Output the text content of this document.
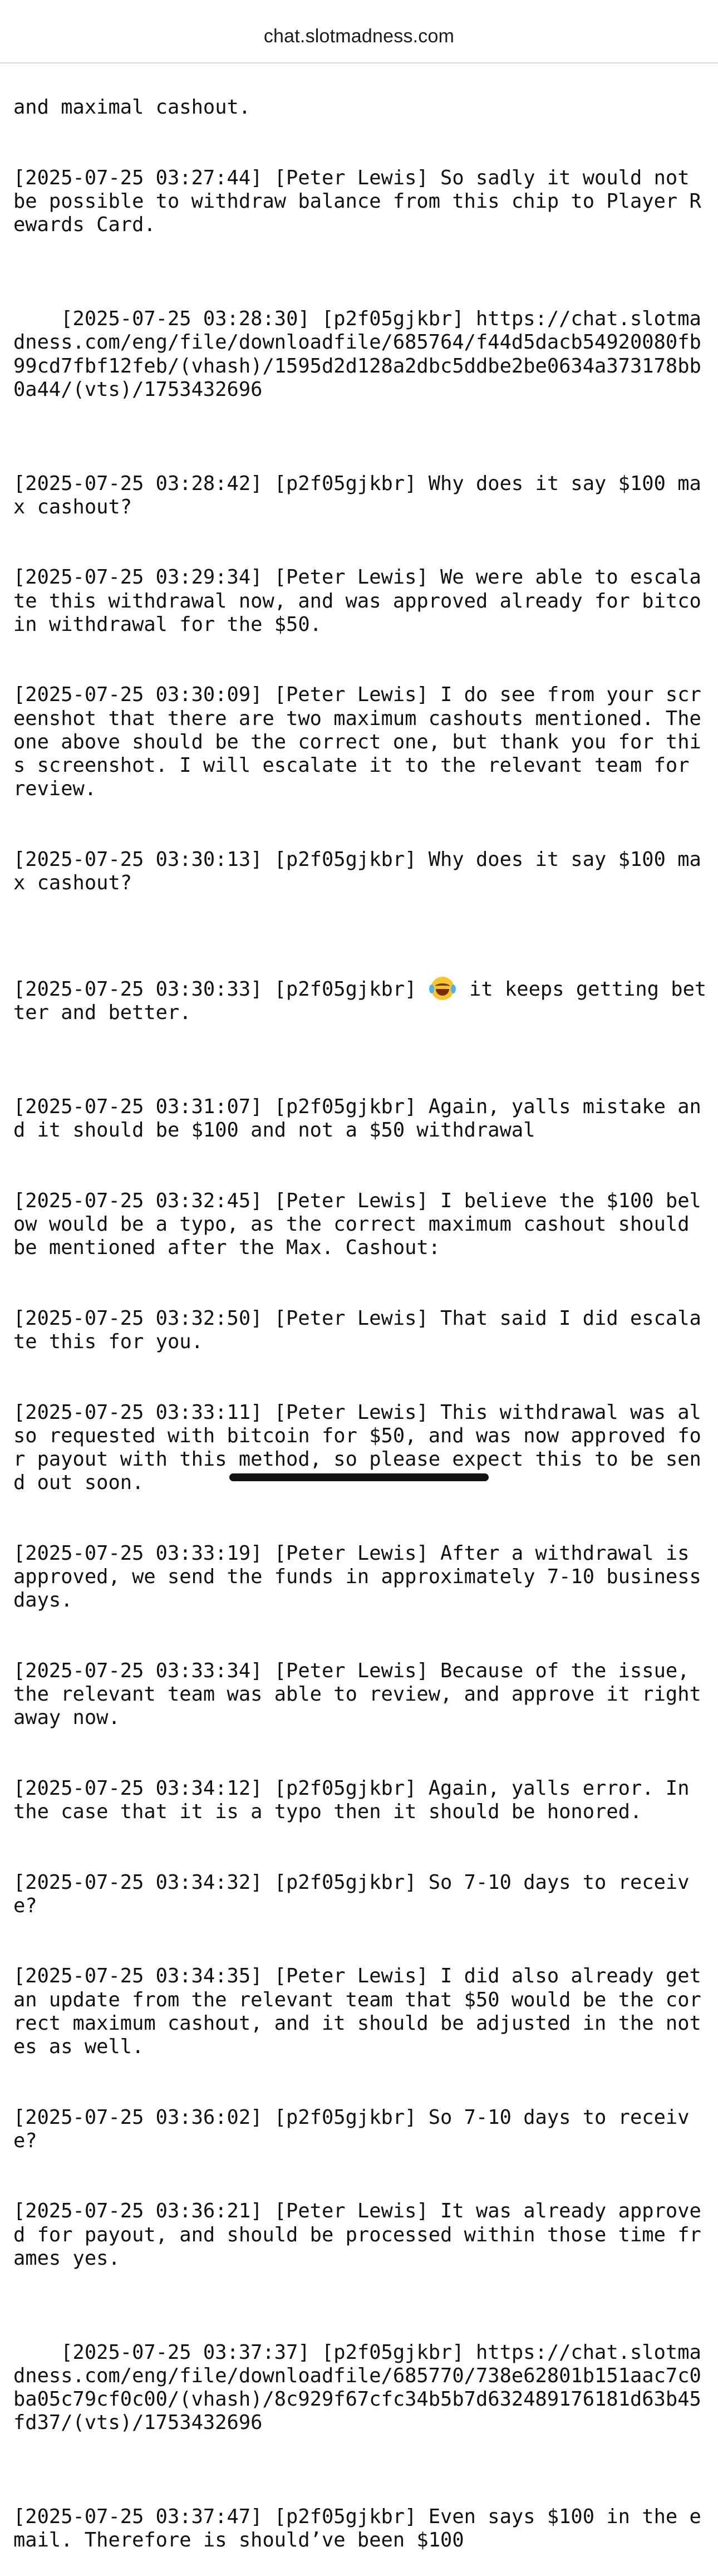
chat.slotmadness.com

and maximal cashout.

[2025-07-25 03:27:44] [Peter Lewis] So sadly it would not be possible to withdraw balance from this chip to Player Rewards Card.

[2025-07-25 03:28:30] [p2f05gjkbr] https://chat.slotmadness.com/eng/file/downloadfile/685764/f44d5dacb54920080fb99cd7fbf12feb/(vhash)/1595d2d128a2dbc5ddbe2be0634a373178bb0a44/(vts)/1753432696

[2025-07-25 03:28:42] [p2f05gjkbr] Why does it say $100 max cashout?

[2025-07-25 03:29:34] [Peter Lewis] We were able to escalate this withdrawal now, and was approved already for bitcoin withdrawal for the $50.

[2025-07-25 03:30:09] [Peter Lewis] I do see from your screenshot that there are two maximum cashouts mentioned. The one above should be the correct one, but thank you for this screenshot. I will escalate it to the relevant team for review.

[2025-07-25 03:30:13] [p2f05gjkbr] Why does it say $100 max cashout?

[2025-07-25 03:30:33] [p2f05gjkbr]
it keeps getting better and better.

[2025-07-25 03:31:07] [p2f05gjkbr] Again, yalls mistake and it should be $100 and not a $50 withdrawal

[2025-07-25 03:32:45] [Peter Lewis] I believe the $100 below would be a typo, as the correct maximum cashout should be mentioned after the Max. Cashout:

[2025-07-25 03:32:50] [Peter Lewis] That said I did escalate this for you.

[2025-07-25 03:33:11] [Peter Lewis] This withdrawal was also requested with bitcoin for $50, and was now approved for payout with this method, so please expect this to be send out soon.

[2025-07-25 03:33:19] [Peter Lewis] After a withdrawal is approved, we send the funds in approximately 7-10 business days.

[2025-07-25 03:33:34] [Peter Lewis] Because of the issue, the relevant team was able to review, and approve it right away now.

[2025-07-25 03:34:12] [p2f05gjkbr] Again, yalls error. In the case that it is a typo then it should be honored.

[2025-07-25 03:34:32] [p2f05gjkbr] So 7-10 days to receive?

[2025-07-25 03:34:35] [Peter Lewis] I did also already get an update from the relevant team that $50 would be the correct maximum cashout, and it should be adjusted in the notes as well.

[2025-07-25 03:36:02] [p2f05gjkbr] So 7-10 days to receive?

[2025-07-25 03:36:21] [Peter Lewis] It was already approved for payout, and should be processed within those time frames yes.

[2025-07-25 03:37:37] [p2f05gjkbr] https://chat.slotmadness.com/eng/file/downloadfile/685770/738e62801b151aac7c0ba05c79cf0c00/(vhash)/8c929f67cfc34b5b7d632489176181d63b45fd37/(vts)/1753432696

[2025-07-25 03:37:47] [p2f05gjkbr] Even says $100 in the email. Therefore is should’ve been $100
